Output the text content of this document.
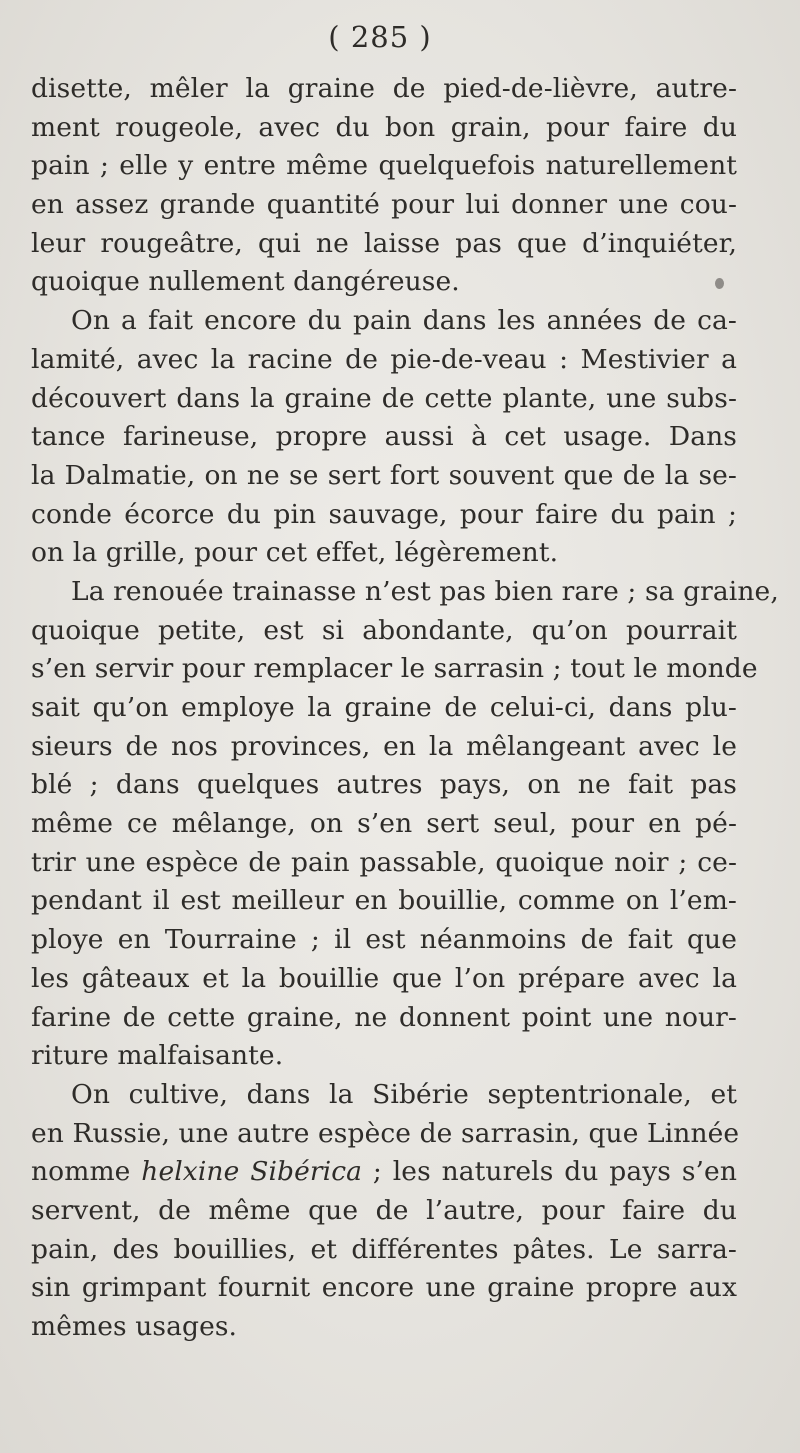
( 285 )
disette, mêler la graine de pied-de-lièvre, autre-
ment rougeole, avec du bon grain, pour faire du
pain ; elle y entre même quelquefois naturellement
en assez grande quantité pour lui donner une cou-
leur rougeâtre, qui ne laisse pas que d’inquiéter,
quoique nullement dangéreuse.
On a fait encore du pain dans les années de ca-
lamité, avec la racine de pie-de-veau : Mestivier a
découvert dans la graine de cette plante, une subs-
tance farineuse, propre aussi à cet usage. Dans
la Dalmatie, on ne se sert fort souvent que de la se-
conde écorce du pin sauvage, pour faire du pain ;
on la grille, pour cet effet, légèrement.
La renouée trainasse n’est pas bien rare ; sa graine,
quoique petite, est si abondante, qu’on pourrait
s’en servir pour remplacer le sarrasin ; tout le monde
sait qu’on employe la graine de celui-ci, dans plu-
sieurs de nos provinces, en la mêlangeant avec le
blé ; dans quelques autres pays, on ne fait pas
même ce mêlange, on s’en sert seul, pour en pé-
trir une espèce de pain passable, quoique noir ; ce-
pendant il est meilleur en bouillie, comme on l’em-
ploye en Tourraine ; il est néanmoins de fait que
les gâteaux et la bouillie que l’on prépare avec la
farine de cette graine, ne donnent point une nour-
riture malfaisante.
On cultive, dans la Sibérie septentrionale, et
en Russie, une autre espèce de sarrasin, que Linnée
nomme helxine Sibérica ; les naturels du pays s’en
servent, de même que de l’autre, pour faire du
pain, des bouillies, et différentes pâtes. Le sarra-
sin grimpant fournit encore une graine propre aux
mêmes usages.
